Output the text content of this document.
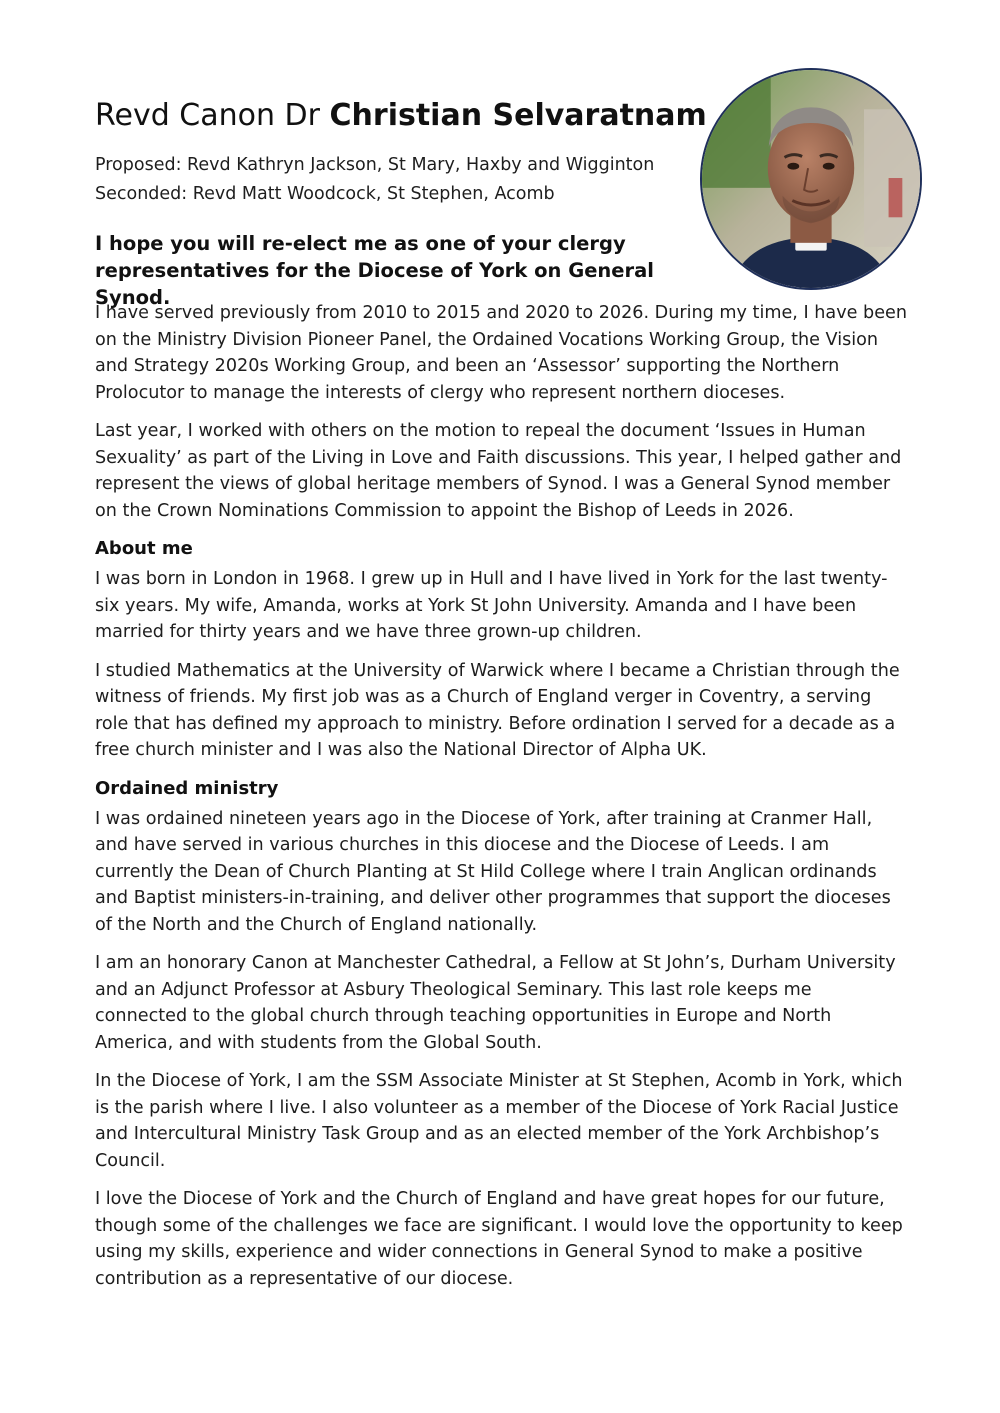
Revd Canon Dr Christian Selvaratnam
Proposed: Revd Kathryn Jackson, St Mary, Haxby and Wigginton
Seconded: Revd Matt Woodcock, St Stephen, Acomb

I hope you will re-elect me as one of your clergy representatives for the Diocese of York on General Synod.

I have served previously from 2010 to 2015 and 2020 to 2026. During my time, I have been on the Ministry Division Pioneer Panel, the Ordained Vocations Working Group, the Vision and Strategy 2020s Working Group, and been an ‘Assessor’ supporting the Northern Prolocutor to manage the interests of clergy who represent northern dioceses.

Last year, I worked with others on the motion to repeal the document ‘Issues in Human Sexuality’ as part of the Living in Love and Faith discussions. This year, I helped gather and represent the views of global heritage members of Synod. I was a General Synod member on the Crown Nominations Commission to appoint the Bishop of Leeds in 2026.

About me

I was born in London in 1968. I grew up in Hull and I have lived in York for the last twenty-six years. My wife, Amanda, works at York St John University. Amanda and I have been married for thirty years and we have three grown-up children.

I studied Mathematics at the University of Warwick where I became a Christian through the witness of friends. My first job was as a Church of England verger in Coventry, a serving role that has defined my approach to ministry. Before ordination I served for a decade as a free church minister and I was also the National Director of Alpha UK.

Ordained ministry

I was ordained nineteen years ago in the Diocese of York, after training at Cranmer Hall, and have served in various churches in this diocese and the Diocese of Leeds. I am currently the Dean of Church Planting at St Hild College where I train Anglican ordinands and Baptist ministers-in-training, and deliver other programmes that support the dioceses of the North and the Church of England nationally.

I am an honorary Canon at Manchester Cathedral, a Fellow at St John’s, Durham University and an Adjunct Professor at Asbury Theological Seminary. This last role keeps me connected to the global church through teaching opportunities in Europe and North America, and with students from the Global South.

In the Diocese of York, I am the SSM Associate Minister at St Stephen, Acomb in York, which is the parish where I live. I also volunteer as a member of the Diocese of York Racial Justice and Intercultural Ministry Task Group and as an elected member of the York Archbishop’s Council.

I love the Diocese of York and the Church of England and have great hopes for our future, though some of the challenges we face are significant. I would love the opportunity to keep using my skills, experience and wider connections in General Synod to make a positive contribution as a representative of our diocese.
